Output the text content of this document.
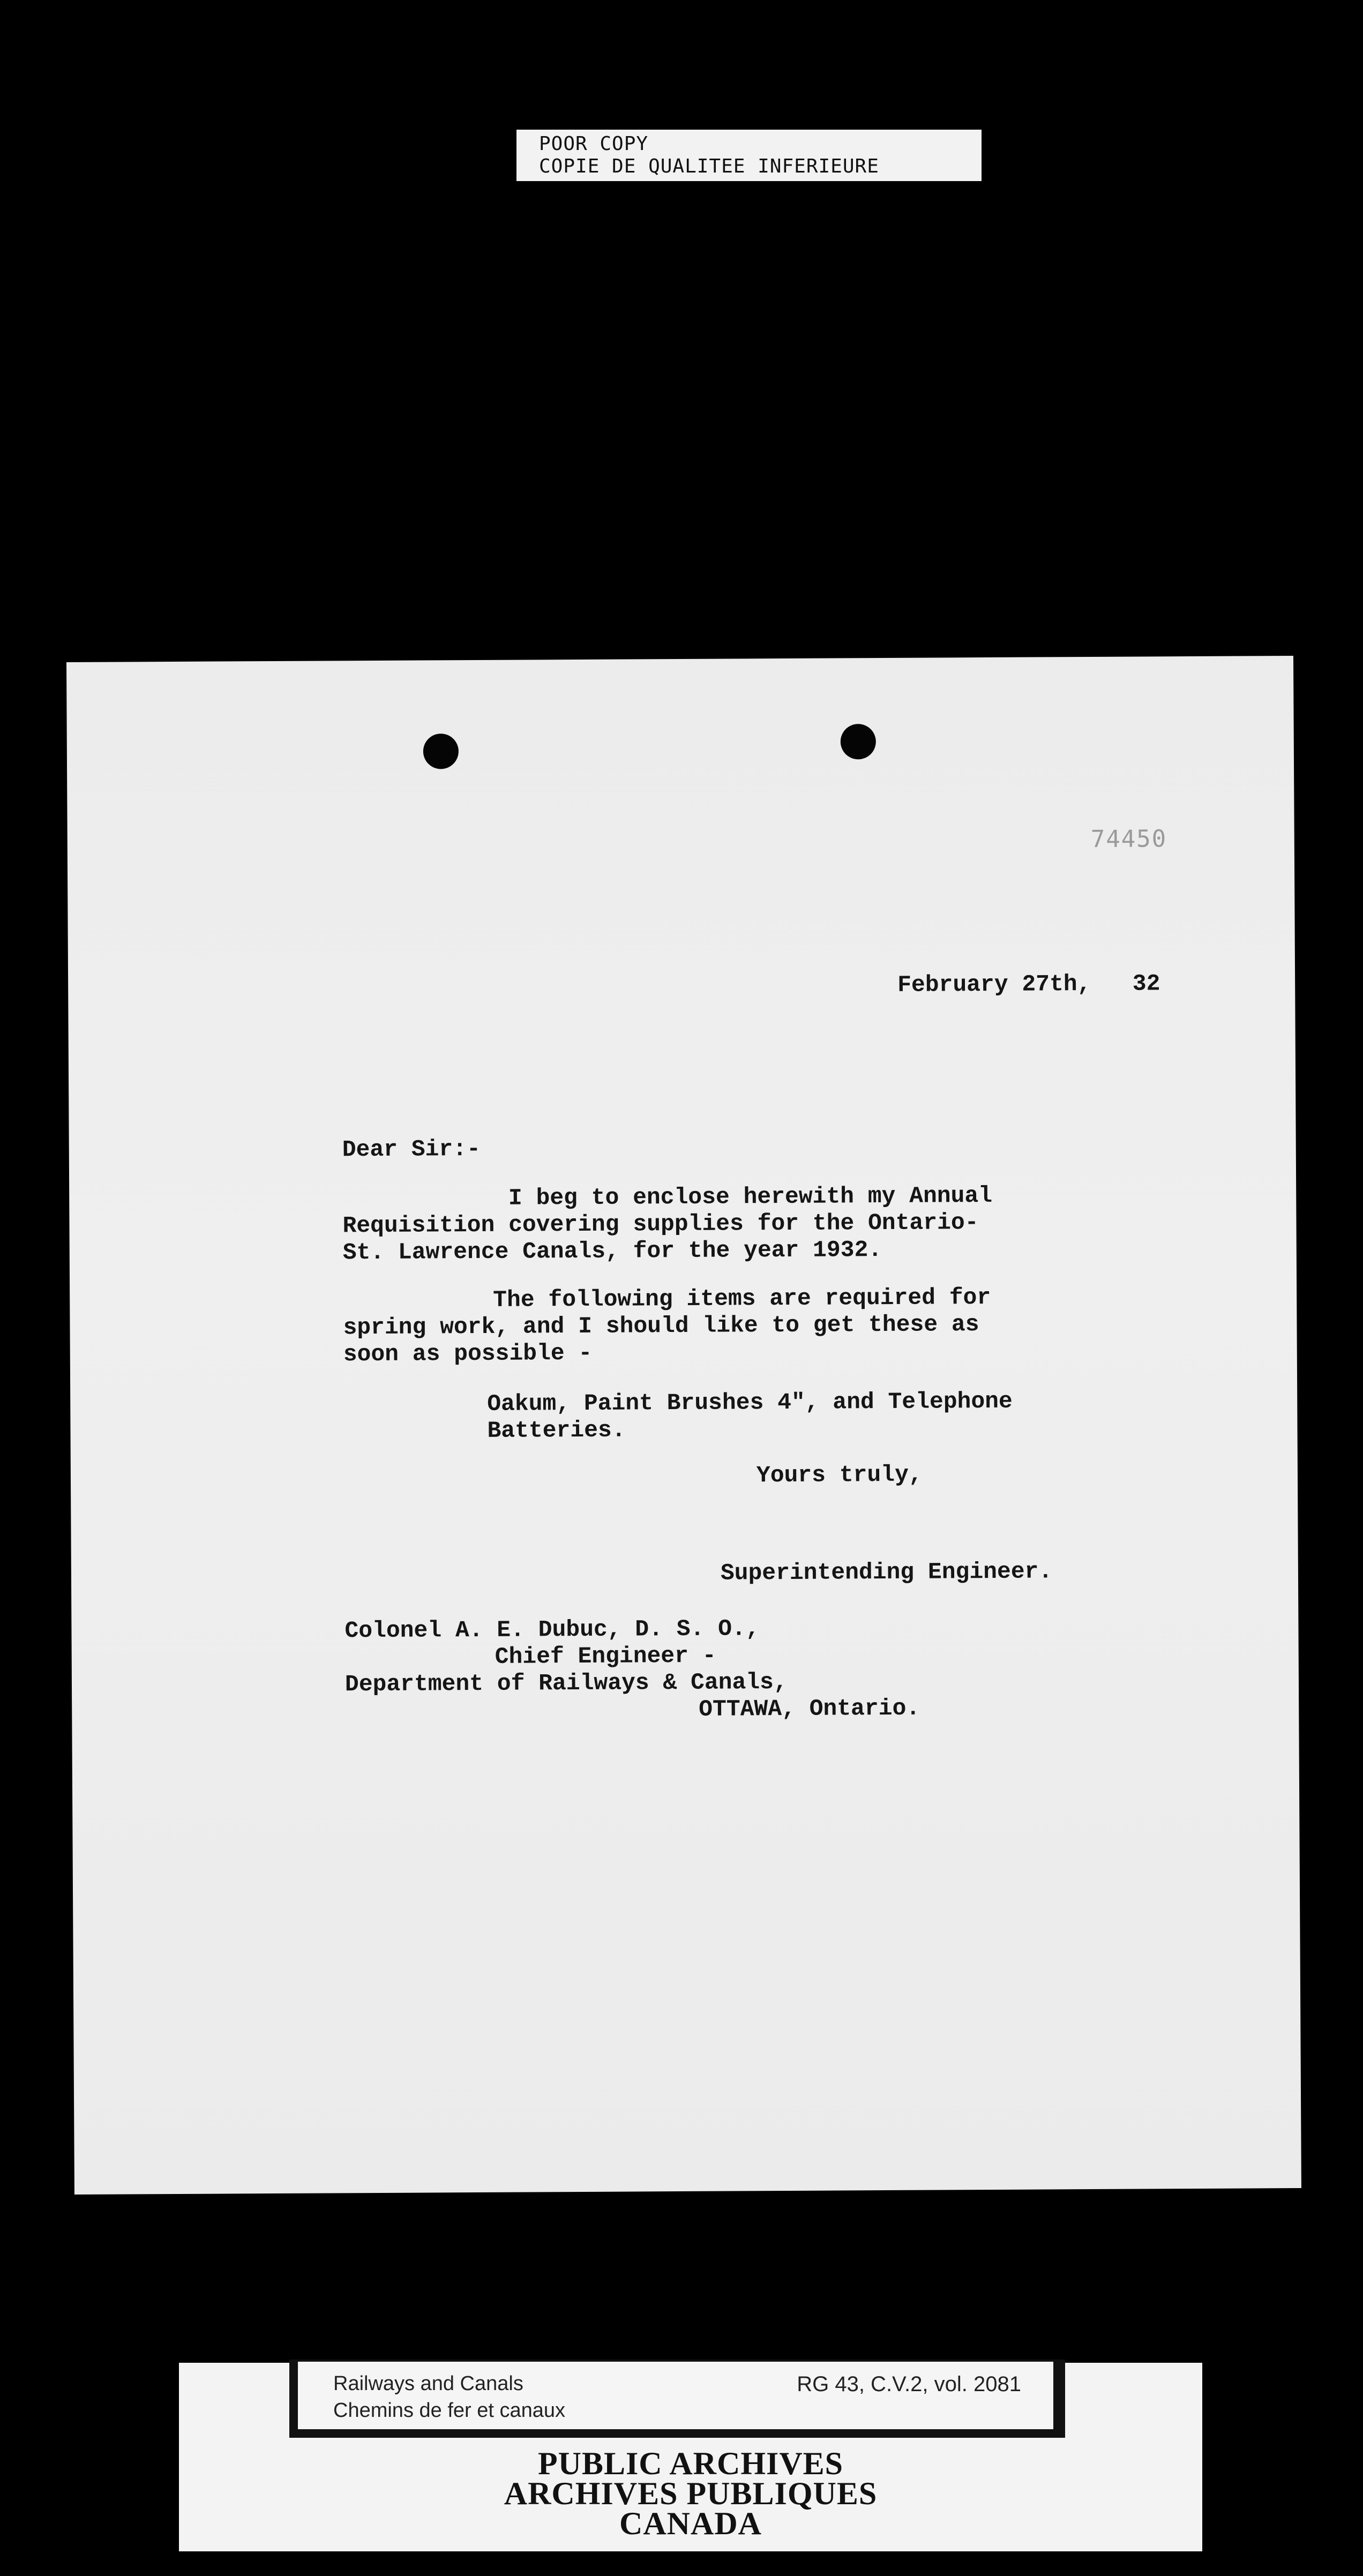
POOR COPY
COPIE DE QUALITEE INFERIEURE
74450
February 27th,   32
Dear Sir:-
I beg to enclose herewith my Annual
Requisition covering supplies for the Ontario-
St. Lawrence Canals, for the year 1932.
The following items are required for
spring work, and I should like to get these as
soon as possible -
Oakum, Paint Brushes 4", and Telephone
Batteries.
Yours truly,
Superintending Engineer.
Colonel A. E. Dubuc, D. S. O.,
Chief Engineer -
Department of Railways & Canals,
OTTAWA, Ontario.
Railways and Canals
Chemins de fer et canaux
RG 43, C.V.2, vol. 2081
PUBLIC ARCHIVES
ARCHIVES PUBLIQUES
CANADA
